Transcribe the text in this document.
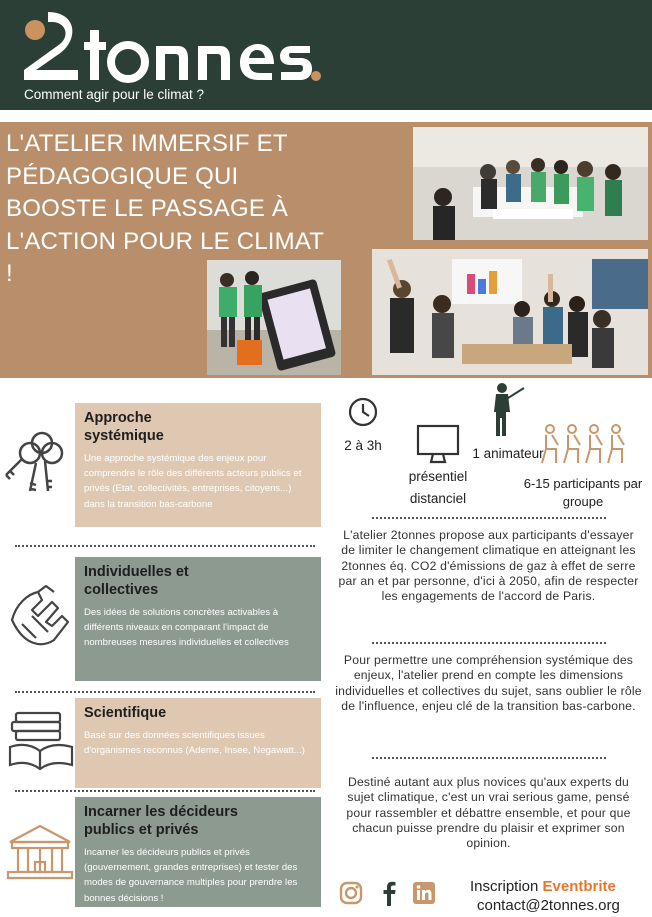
Comment agir pour le climat ?
L'ATELIER IMMERSIF ET PÉDAGOGIQUE QUI BOOSTE LE PASSAGE À L'ACTION POUR LE CLIMAT !
Approche systémique
Une approche systémique des enjeux pour comprendre le rôle des différents acteurs publics et privés (Etat, collectivités, entreprises, citoyens...) dans la transition bas-carbone
Individuelles et collectives
Des idées de solutions concrètes activables à différents niveaux en comparant l'impact de nombreuses mesures individuelles et collectives
Scientifique
Basé sur des données scientifiques issues d'organismes reconnus (Ademe, Insee, Negawatt...)
Incarner les décideurs publics et privés
Incarner les décideurs publics et privés (gouvernement, grandes entreprises) et tester des modes de gouvernance multiples pour prendre les bonnes décisions !
2 à 3h
présentiel
distanciel
1 animateur
6-15 participants par groupe
L'atelier 2tonnes propose aux participants d'essayer de limiter le changement climatique en atteignant les 2tonnes éq. CO2 d'émissions de gaz à effet de serre par an et par personne, d'ici à 2050, afin de respecter les engagements de l'accord de Paris.
Pour permettre une compréhension systémique des enjeux, l'atelier prend en compte les dimensions individuelles et collectives du sujet, sans oublier le rôle de l'influence, enjeu clé de la transition bas-carbone.
Destiné autant aux plus novices qu'aux experts du sujet climatique, c'est un vrai serious game, pensé pour rassembler et débattre ensemble, et pour que chacun puisse prendre du plaisir et exprimer son opinion.
Inscription Eventbrite
contact@2tonnes.org
